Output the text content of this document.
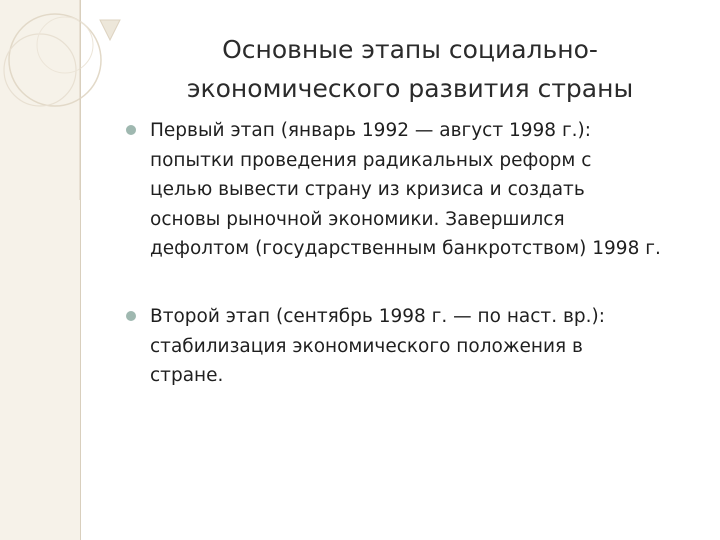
Основные этапы социально-
экономического развития страны
Первый этап (январь 1992 — август 1998 г.):
попытки проведения радикальных реформ с
целью вывести страну из кризиса и создать
основы рыночной экономики. Завершился
дефолтом (государственным банкротством) 1998 г.
Второй этап (сентябрь 1998 г. — по наст. вр.):
стабилизация экономического положения в
стране.
